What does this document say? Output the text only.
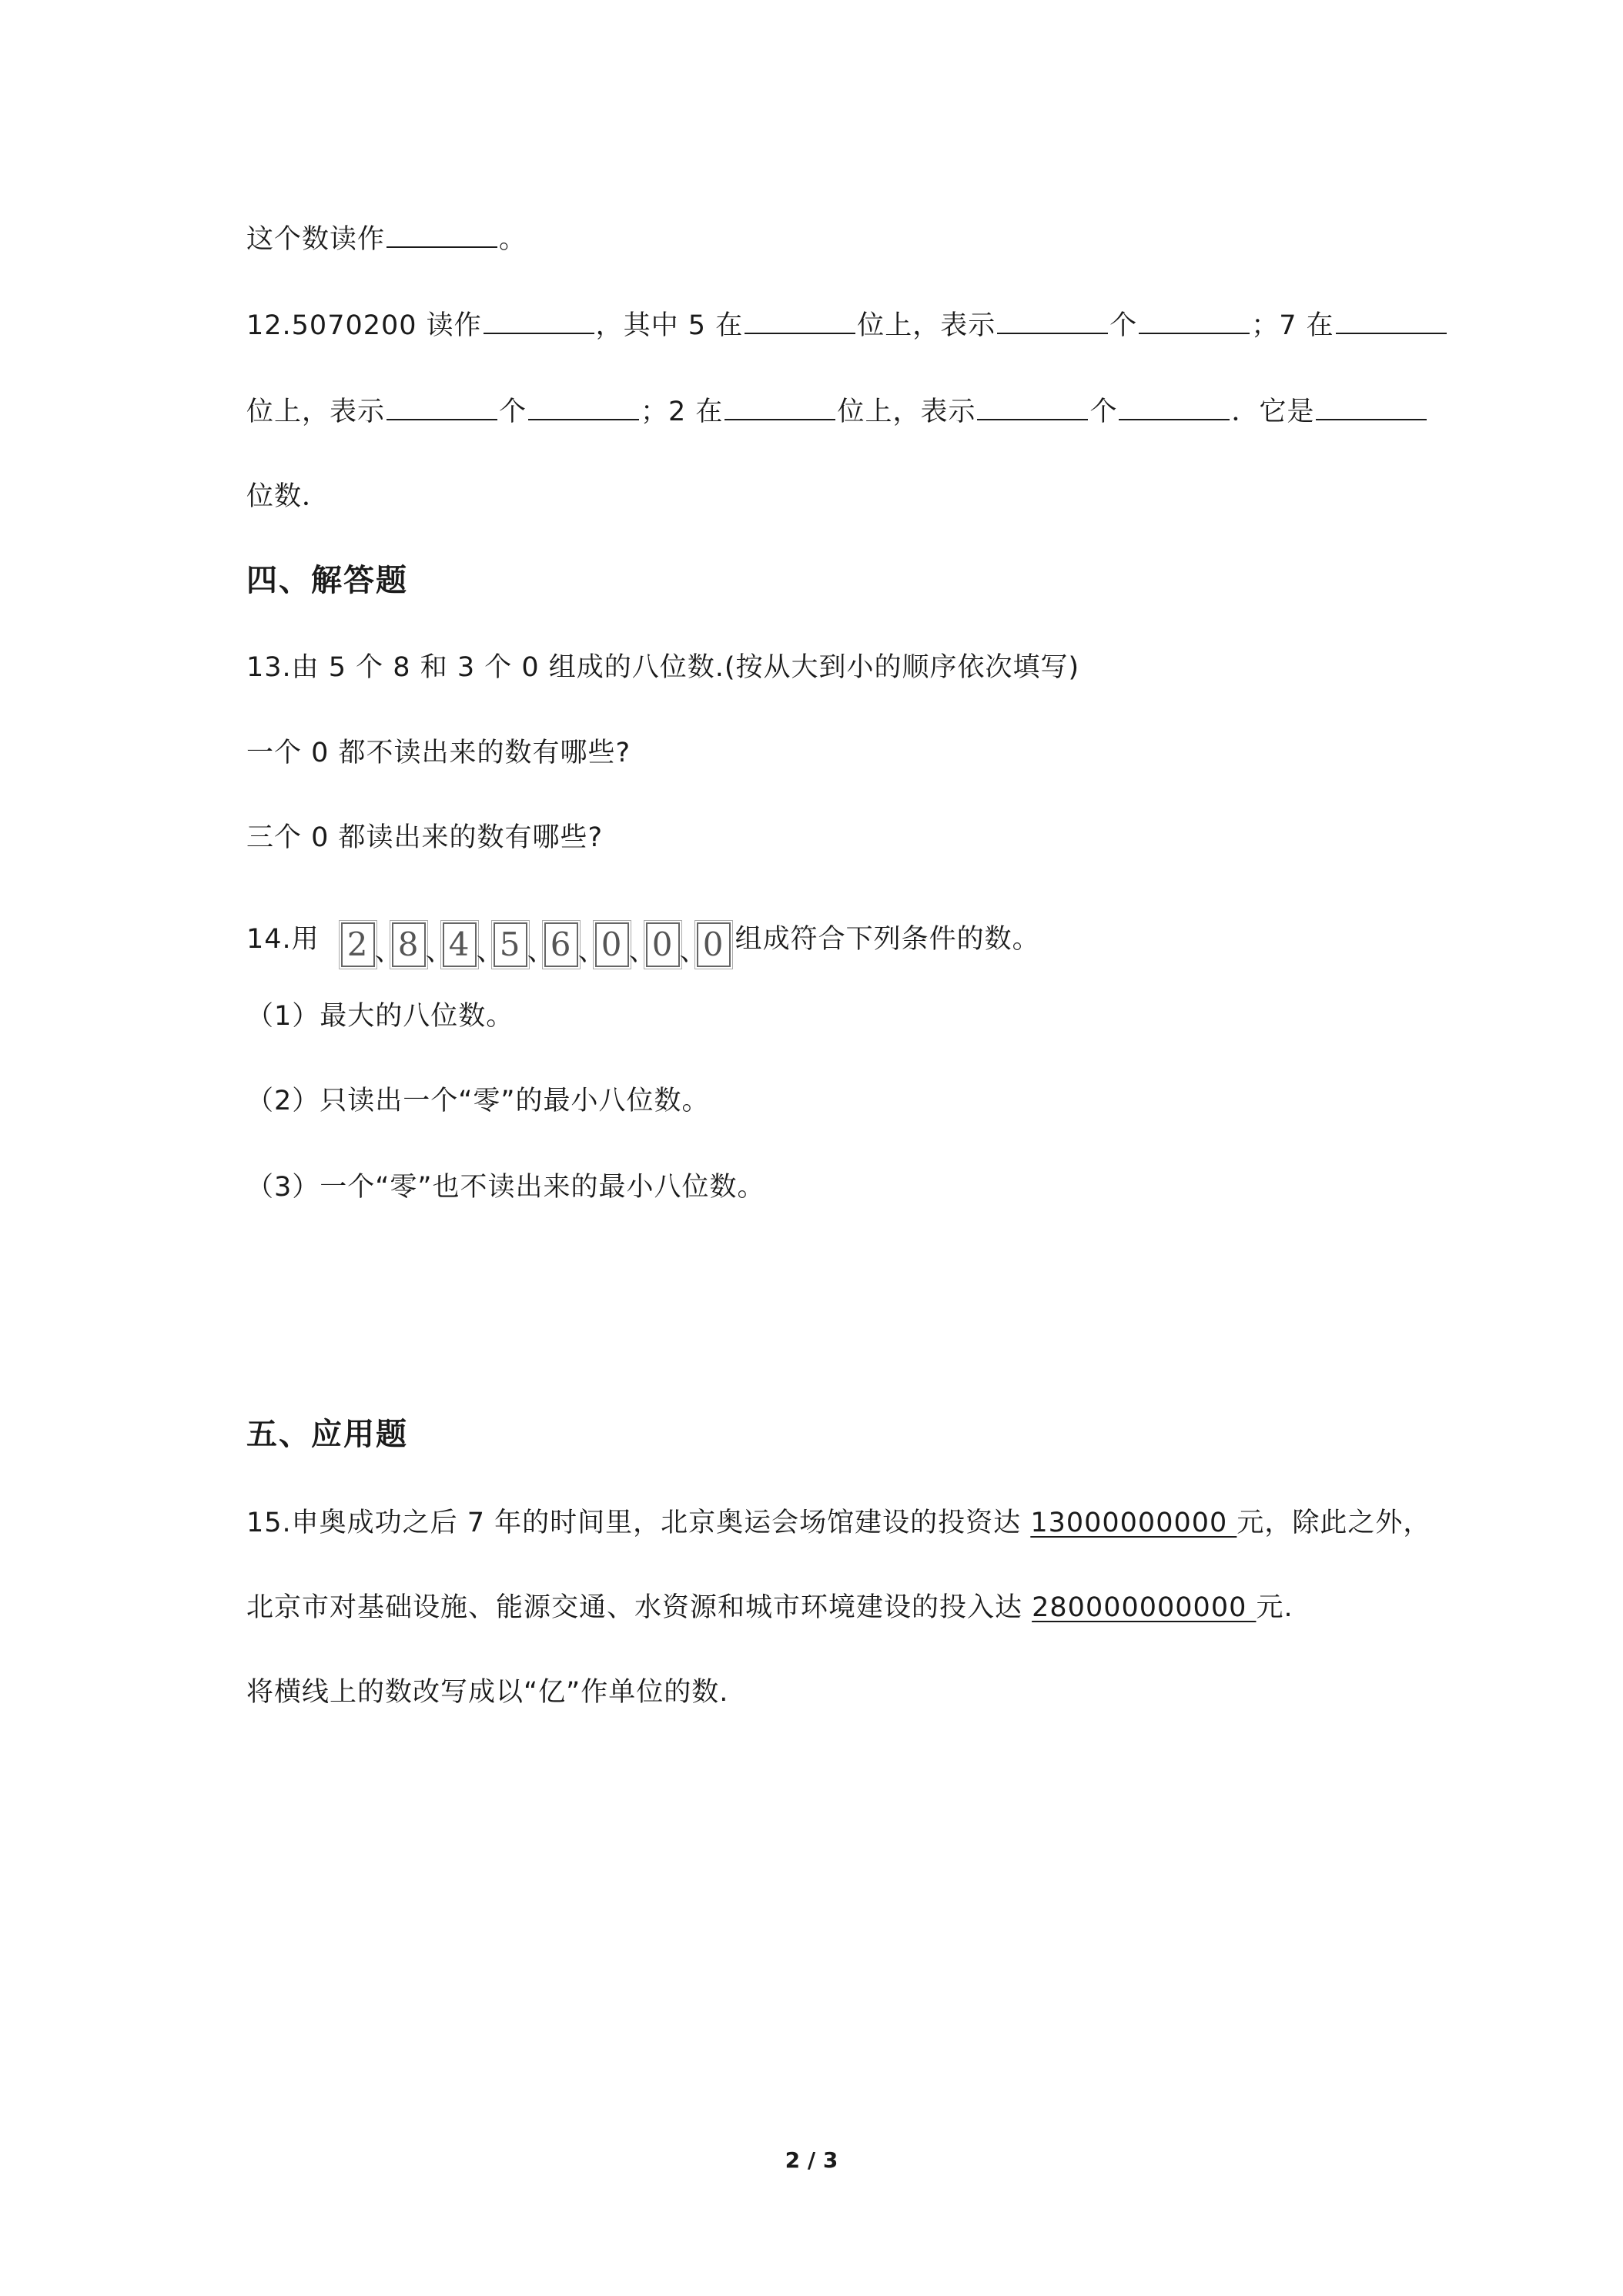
这个数读作	。
12.5070200 读作	，其中 5 在	位上，表示	个	；7 在
位上，表示	个	；2 在	位上，表示	个	．它是
位数．
四、解答题
13.由 5 个 8 和 3 个 0 组成的八位数.(按从大到小的顺序依次填写)
一个 0 都不读出来的数有哪些?
三个 0 都读出来的数有哪些?
14.用 2 、
8 、
4 、
5 、
6 、
0 、
0 、
0 组成符合下列条件的数。
（1）最大的八位数。
（2）只读出一个“零”的最小八位数。
（3）一个“零”也不读出来的最小八位数。
五、应用题
15.申奥成功之后 7 年的时间里，北京奥运会场馆建设的投资达 13000000000 元，除此之外，
北京市对基础设施、能源交通、水资源和城市环境建设的投入达 280000000000 元.
将横线上的数改写成以“亿”作单位的数.
2 / 3
